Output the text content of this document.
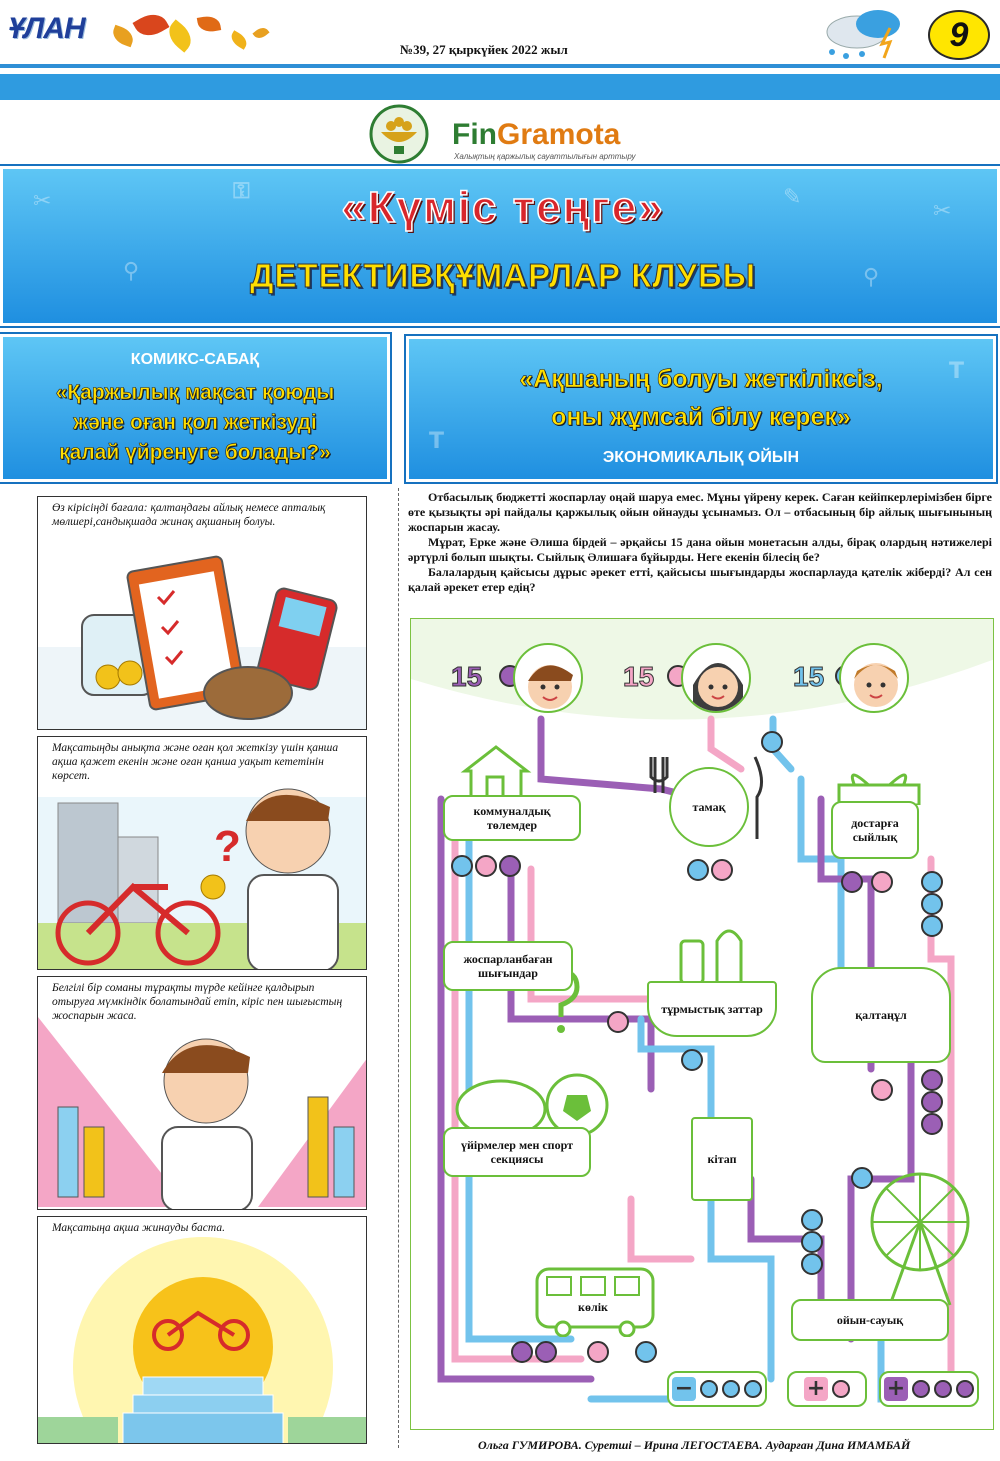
ҰЛАН
№39, 27 қыркүйек 2022 жыл	9
FinGramota
Халықтың қаржылық сауаттылығын арттыру
✂
⚲
⚿	✎
⚲
✂
«Күміс теңге»
ДЕТЕКТИВҚҰМАРЛАР КЛУБЫ
КОМИКС-САБАҚ
«Қаржылық мақсат қоюды
және оған қол жеткізуді
қалай үйренуге болады?»	T
T
«Ақшаның болуы жеткіліксіз,
оны жұмсай білу керек»
ЭКОНОМИКАЛЫҚ ОЙЫН
Өз кірісіңді бағала: қалтаңдағы айлық немесе апталық мөлшері,сандықшада жинақ ақшаның болуы.
Мақсатыңды анықта және оған қол жеткізу үшін қанша ақша қажет екенін және оған қанша уақыт кететінін көрсет.
?
Белгілі бір соманы тұрақты түрде кейінге қалдырып отыруға мүмкіндік болатындай етіп, кіріс пен шығыстың жоспарын жаса.
Мақсатыңа ақша жинауды баста.

Отбасылық бюджетті жоспарлау оңай шаруа емес. Мұны үйрену керек. Саған кейіпкерлерімізбен бірге өте қызықты әрі пайдалы қаржылық ойын ойнауды ұсынамыз. Ол – отбасының бір айлық шығынының жоспарын жасау.

Мұрат, Ерке және Әлиша бірдей – әрқайсы 15 дана ойын монетасын алды, бірақ олардың нәтижелері әртүрлі болып шықты. Сыйлық Әлишаға бұйырды. Неге екенін білесің бе?

Балалардың қайсысы дұрыс әрекет етті, қайсысы шығындарды жоспарлауда қателік жіберді? Ал сен қалай әрекет етер едің?

15	15	15
коммуналдық төлемдер
тамақ
достарға сыйлық
жоспарланбаған шығындар
тұрмыстық заттар	қалтаңұл
үйірмелер мен спорт секциясы	кітап
көлік
ойын-сауық
−	+	+
Ольга ГУМИРОВА. Суретші – Ирина ЛЕГОСТАЕВА. Аударған Дина ИМАМБАЙ
